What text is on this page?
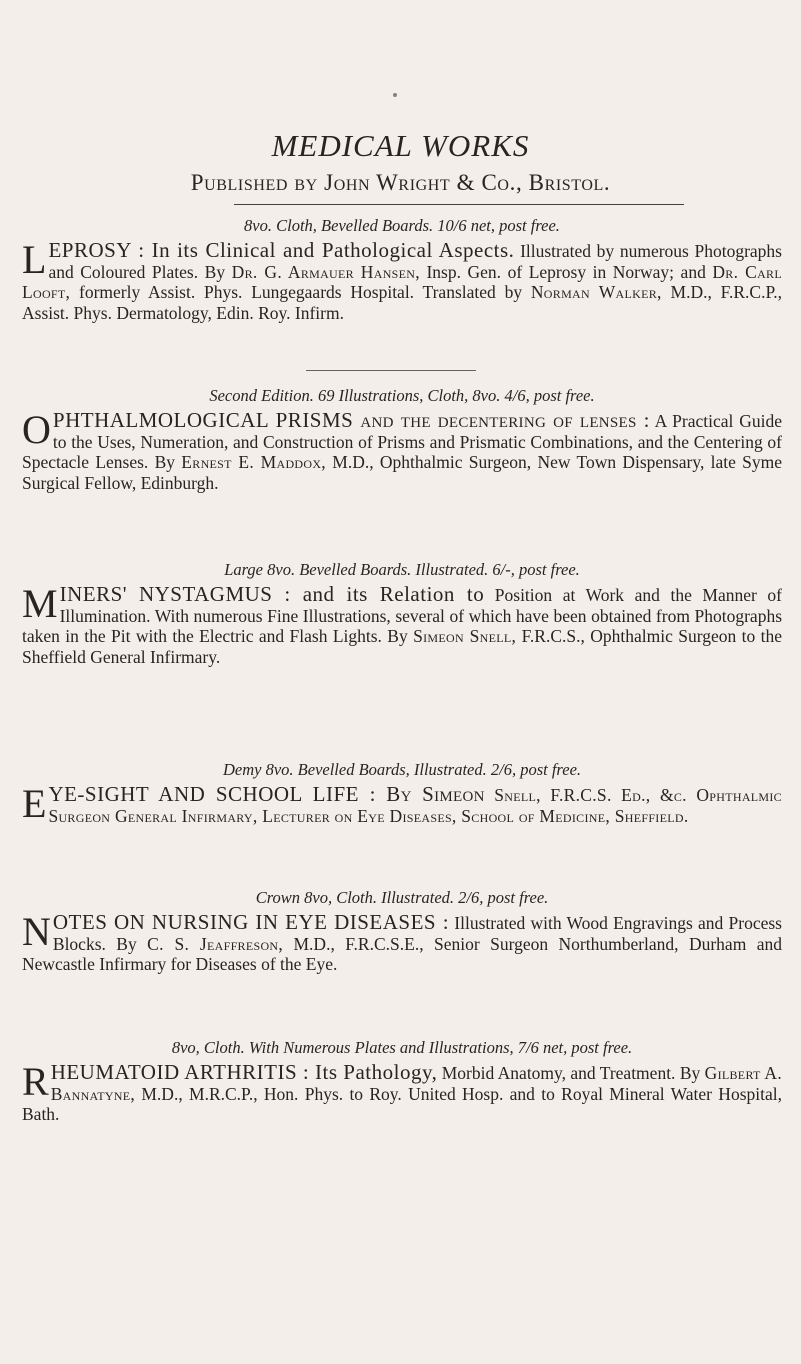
MEDICAL WORKS
Published by John Wright & Co., Bristol.
8vo. Cloth, Bevelled Boards. 10/6 net, post free.

LEPROSY : In its Clinical and Pathological Aspects. Illustrated by numerous Photographs and Coloured Plates. By Dr. G. Armauer Hansen, Insp. Gen. of Leprosy in Norway; and Dr. Carl Looft, formerly Assist. Phys. Lungegaards Hospital. Translated by Norman Walker, M.D., F.R.C.P., Assist. Phys. Dermatology, Edin. Roy. Infirm.

Second Edition. 69 Illustrations, Cloth, 8vo. 4/6, post free.

OPHTHALMOLOGICAL PRISMS and the decentering of lenses : A Practical Guide to the Uses, Numeration, and Construction of Prisms and Prismatic Combinations, and the Centering of Spectacle Lenses. By Ernest E. Maddox, M.D., Ophthalmic Surgeon, New Town Dispensary, late Syme Surgical Fellow, Edinburgh.

Large 8vo. Bevelled Boards. Illustrated. 6/-, post free.

MINERS' NYSTAGMUS : and its Relation to Position at Work and the Manner of Illumination. With numerous Fine Illustrations, several of which have been obtained from Photographs taken in the Pit with the Electric and Flash Lights. By Simeon Snell, F.R.C.S., Ophthalmic Surgeon to the Sheffield General Infirmary.

Demy 8vo. Bevelled Boards, Illustrated. 2/6, post free.

EYE-SIGHT AND SCHOOL LIFE : By Simeon Snell, F.R.C.S. Ed., &c. Ophthalmic Surgeon General Infirmary, Lecturer on Eye Diseases, School of Medicine, Sheffield.

Crown 8vo, Cloth. Illustrated. 2/6, post free.

NOTES ON NURSING IN EYE DISEASES : Illustrated with Wood Engravings and Process Blocks. By C. S. Jeaffreson, M.D., F.R.C.S.E., Senior Surgeon Northumberland, Durham and Newcastle Infirmary for Diseases of the Eye.

8vo, Cloth. With Numerous Plates and Illustrations, 7/6 net, post free.

RHEUMATOID ARTHRITIS : Its Pathology, Morbid Anatomy, and Treatment. By Gilbert A. Bannatyne, M.D., M.R.C.P., Hon. Phys. to Roy. United Hosp. and to Royal Mineral Water Hospital, Bath.
